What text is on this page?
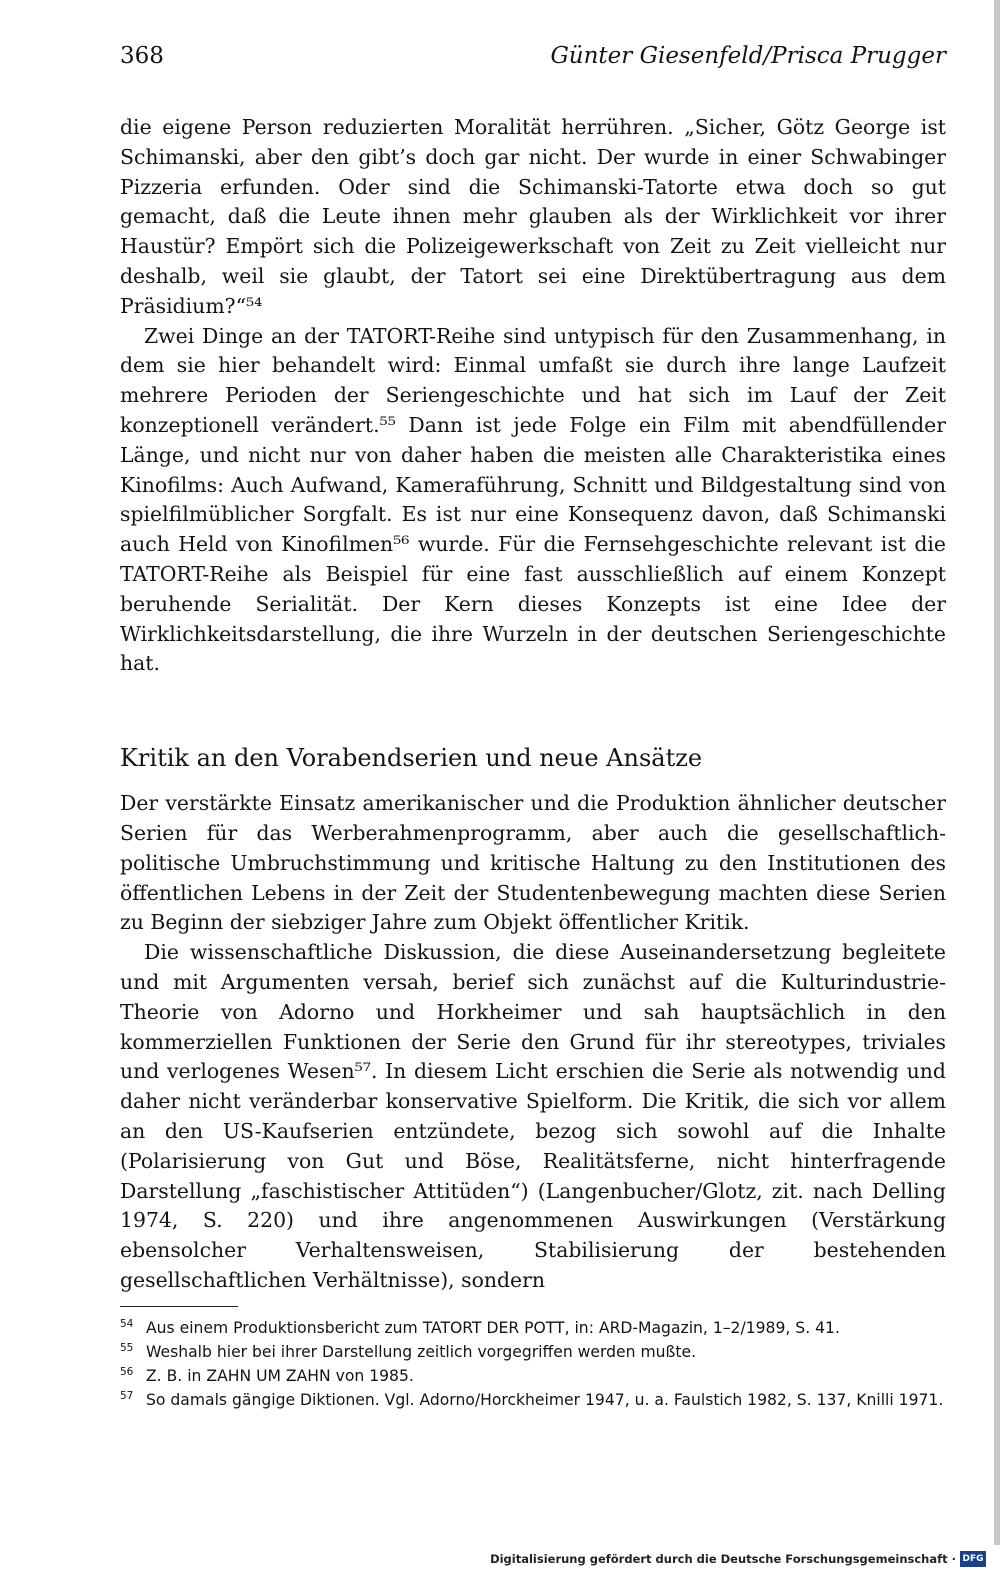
368	Günter Giesenfeld/Prisca Prugger

die eigene Person reduzierten Moralität herrühren. „Sicher, Götz George ist Schimanski, aber den gibt’s doch gar nicht. Der wurde in einer Schwabinger Pizzeria erfunden. Oder sind die Schimanski-Tatorte etwa doch so gut gemacht, daß die Leute ihnen mehr glauben als der Wirklichkeit vor ihrer Haustür? Empört sich die Polizeigewerkschaft von Zeit zu Zeit vielleicht nur deshalb, weil sie glaubt, der Tatort sei eine Direktübertragung aus dem Präsidium?“⁵⁴

Zwei Dinge an der TATORT-Reihe sind untypisch für den Zusammenhang, in dem sie hier behandelt wird: Einmal umfaßt sie durch ihre lange Laufzeit mehrere Perioden der Seriengeschichte und hat sich im Lauf der Zeit konzeptionell verändert.⁵⁵ Dann ist jede Folge ein Film mit abendfüllender Länge, und nicht nur von daher haben die meisten alle Charakteristika eines Kinofilms: Auch Aufwand, Kameraführung, Schnitt und Bildgestaltung sind von spielfilmüblicher Sorgfalt. Es ist nur eine Konsequenz davon, daß Schimanski auch Held von Kinofilmen⁵⁶ wurde. Für die Fernsehgeschichte relevant ist die TATORT-Reihe als Beispiel für eine fast ausschließlich auf einem Konzept beruhende Serialität. Der Kern dieses Konzepts ist eine Idee der Wirklichkeitsdarstellung, die ihre Wurzeln in der deutschen Seriengeschichte hat.

Kritik an den Vorabendserien und neue Ansätze

Der verstärkte Einsatz amerikanischer und die Produktion ähnlicher deutscher Serien für das Werberahmenprogramm, aber auch die gesellschaftlich-politische Umbruchstimmung und kritische Haltung zu den Institutionen des öffentlichen Lebens in der Zeit der Studentenbewegung machten diese Serien zu Beginn der siebziger Jahre zum Objekt öffentlicher Kritik.

Die wissenschaftliche Diskussion, die diese Auseinandersetzung begleitete und mit Argumenten versah, berief sich zunächst auf die Kulturindustrie-Theorie von Adorno und Horkheimer und sah hauptsächlich in den kommerziellen Funktionen der Serie den Grund für ihr stereotypes, triviales und verlogenes Wesen⁵⁷. In diesem Licht erschien die Serie als notwendig und daher nicht veränderbar konservative Spielform. Die Kritik, die sich vor allem an den US-Kaufserien entzündete, bezog sich sowohl auf die Inhalte (Polarisierung von Gut und Böse, Realitätsferne, nicht hinterfragende Darstellung „faschistischer Attitüden“) (Langenbucher/Glotz, zit. nach Delling 1974, S. 220) und ihre angenommenen Auswirkungen (Verstärkung ebensolcher Verhaltensweisen, Stabilisierung der bestehenden gesellschaftlichen Verhältnisse), sondern

54 Aus einem Produktionsbericht zum TATORT DER POTT, in: ARD-Magazin, 1–2/1989, S. 41.
55 Weshalb hier bei ihrer Darstellung zeitlich vorgegriffen werden mußte.
56 Z. B. in ZAHN UM ZAHN von 1985.
57 So damals gängige Diktionen. Vgl. Adorno/Horckheimer 1947, u. a. Faulstich 1982, S. 137, Knilli 1971.
Digitalisierung gefördert durch die Deutsche Forschungsgemeinschaft · DFG
